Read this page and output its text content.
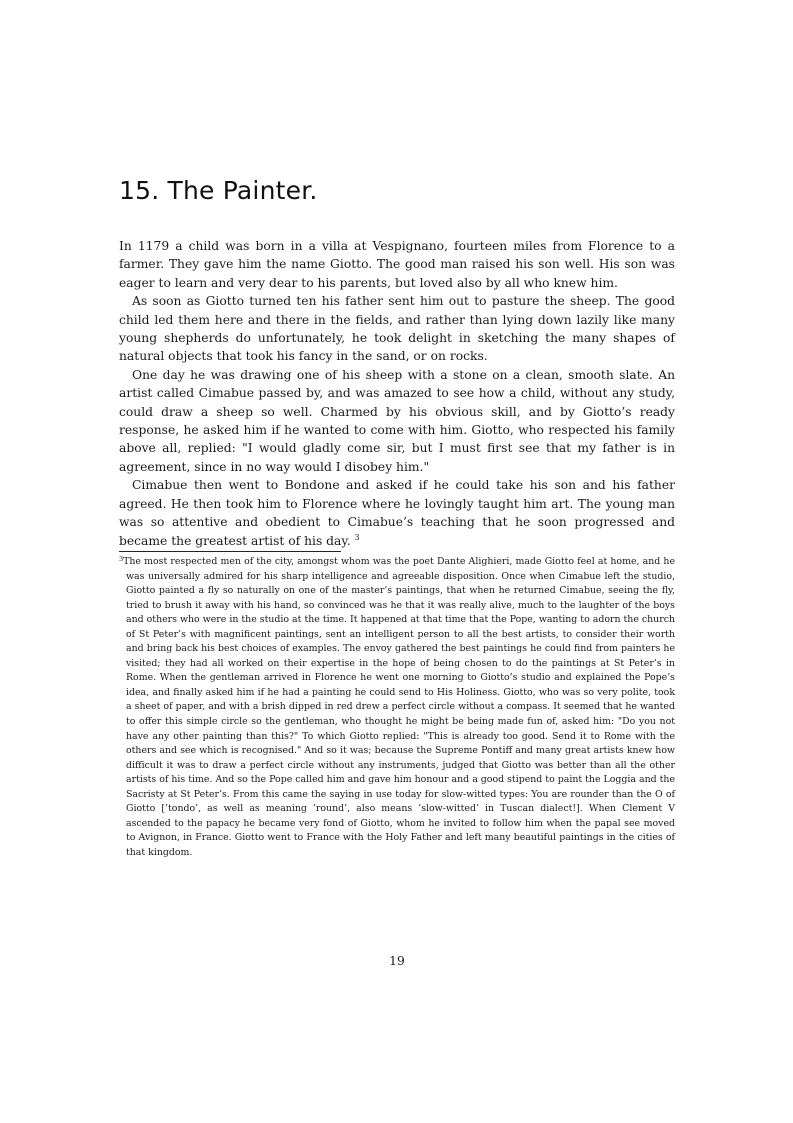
15. The Painter.

In 1179 a child was born in a villa at Vespignano, fourteen miles from Florence to a farmer. They gave him the name Giotto. The good man raised his son well. His son was eager to learn and very dear to his parents, but loved also by all who knew him.

As soon as Giotto turned ten his father sent him out to pasture the sheep. The good child led them here and there in the fields, and rather than lying down lazily like many young shepherds do unfortunately, he took delight in sketching the many shapes of natural objects that took his fancy in the sand, or on rocks.

One day he was drawing one of his sheep with a stone on a clean, smooth slate. An artist called Cimabue passed by, and was amazed to see how a child, without any study, could draw a sheep so well. Charmed by his obvious skill, and by Giotto’s ready response, he asked him if he wanted to come with him. Giotto, who respected his family above all, replied: "I would gladly come sir, but I must first see that my father is in agreement, since in no way would I disobey him."

Cimabue then went to Bondone and asked if he could take his son and his father agreed. He then took him to Florence where he lovingly taught him art. The young man was so attentive and obedient to Cimabue’s teaching that he soon progressed and became the greatest artist of his day. $^3$

$^3$The most respected men of the city, amongst whom was the poet Dante Alighieri, made Giotto feel at home, and he was universally admired for his sharp intelligence and agreeable disposition. Once when Cimabue left the studio, Giotto painted a fly so naturally on one of the master’s paintings, that when he returned Cimabue, seeing the fly, tried to brush it away with his hand, so convinced was he that it was really alive, much to the laughter of the boys and others who were in the studio at the time. It happened at that time that the Pope, wanting to adorn the church of St Peter’s with magnificent paintings, sent an intelligent person to all the best artists, to consider their worth and bring back his best choices of examples. The envoy gathered the best paintings he could find from painters he visited; they had all worked on their expertise in the hope of being chosen to do the paintings at St Peter’s in Rome. When the gentleman arrived in Florence he went one morning to Giotto’s studio and explained the Pope’s idea, and finally asked him if he had a painting he could send to His Holiness. Giotto, who was so very polite, took a sheet of paper, and with a brish dipped in red drew a perfect circle without a compass. It seemed that he wanted to offer this simple circle so the gentleman, who thought he might be being made fun of, asked him: "Do you not have any other painting than this?" To which Giotto replied: "This is already too good. Send it to Rome with the others and see which is recognised." And so it was; because the Supreme Pontiff and many great artists knew how difficult it was to draw a perfect circle without any instruments, judged that Giotto was better than all the other artists of his time. And so the Pope called him and gave him honour and a good stipend to paint the Loggia and the Sacristy at St Peter’s. From this came the saying in use today for slow-witted types: You are rounder than the O of Giotto [’tondo’, as well as meaning ’round’, also means ’slow-witted’ in Tuscan dialect!]. When Clement V ascended to the papacy he became very fond of Giotto, whom he invited to follow him when the papal see moved to Avignon, in France. Giotto went to France with the Holy Father and left many beautiful paintings in the cities of that kingdom.

19
